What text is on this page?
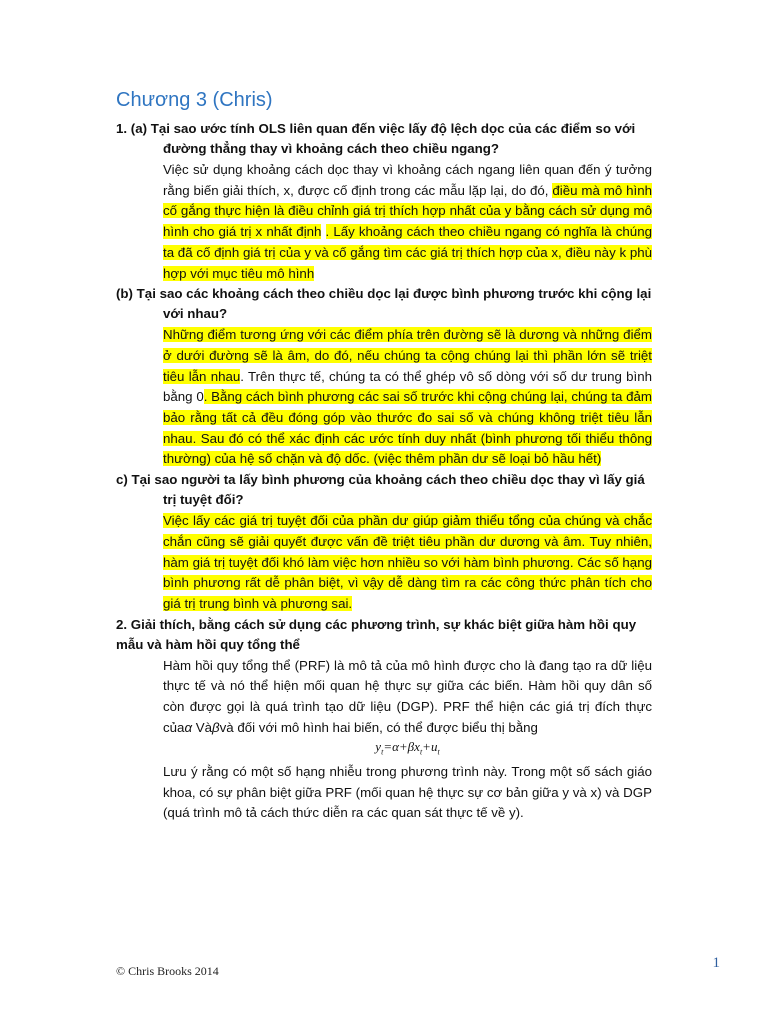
Chương 3 (Chris)

1. (a) Tại sao ước tính OLS liên quan đến việc lấy độ lệch dọc của các điểm so với
đường thẳng thay vì khoảng cách theo chiều ngang?

Việc sử dụng khoảng cách dọc thay vì khoảng cách ngang liên quan đến ý tưởng rằng biến giải thích, x, được cố định trong các mẫu lặp lại, do đó, điều mà mô hình cố gắng thực hiện là điều chỉnh giá trị thích hợp nhất của y bằng cách sử dụng mô hình cho giá trị x nhất định . Lấy khoảng cách theo chiều ngang có nghĩa là chúng ta đã cố định giá trị của y và cố gắng tìm các giá trị thích hợp của x, điều này k phù hợp với mục tiêu mô hình

(b) Tại sao các khoảng cách theo chiều dọc lại được bình phương trước khi cộng lại
với nhau?

Những điểm tương ứng với các điểm phía trên đường sẽ là dương và những điểm ở dưới đường sẽ là âm, do đó, nếu chúng ta cộng chúng lại thì phần lớn sẽ triệt tiêu lẫn nhau. Trên thực tế, chúng ta có thể ghép vô số dòng với số dư trung bình bằng 0. Bằng cách bình phương các sai số trước khi cộng chúng lại, chúng ta đảm bảo rằng tất cả đều đóng góp vào thước đo sai số và chúng không triệt tiêu lẫn nhau. Sau đó có thể xác định các ước tính duy nhất (bình phương tối thiểu thông thường) của hệ số chặn và độ dốc. (việc thêm phần dư sẽ loại bỏ hầu hết)

c) Tại sao người ta lấy bình phương của khoảng cách theo chiều dọc thay vì lấy giá
trị tuyệt đối?

Việc lấy các giá trị tuyệt đối của phần dư giúp giảm thiểu tổng của chúng và chắc chắn cũng sẽ giải quyết được vấn đề triệt tiêu phần dư dương và âm. Tuy nhiên, hàm giá trị tuyệt đối khó làm việc hơn nhiều so với hàm bình phương. Các số hạng bình phương rất dễ phân biệt, vì vậy dễ dàng tìm ra các công thức phân tích cho giá trị trung bình và phương sai.

2. Giải thích, bằng cách sử dụng các phương trình, sự khác biệt giữa hàm hồi quy mẫu và hàm hồi quy tổng thể

Hàm hồi quy tổng thể (PRF) là mô tả của mô hình được cho là đang tạo ra dữ liệu thực tế và nó thể hiện mối quan hệ thực sự giữa các biến. Hàm hồi quy dân số còn được gọi là quá trình tạo dữ liệu (DGP). PRF thể hiện các giá trị đích thực củaα Vàβvà đối với mô hình hai biến, có thể được biểu thị bằng

$y_t=\alpha+\beta x_t+u_t$

Lưu ý rằng có một số hạng nhiễu trong phương trình này. Trong một số sách giáo khoa, có sự phân biệt giữa PRF (mối quan hệ thực sự cơ bản giữa y và x) và DGP (quá trình mô tả cách thức diễn ra các quan sát thực tế về y).

© Chris Brooks 2014	1
